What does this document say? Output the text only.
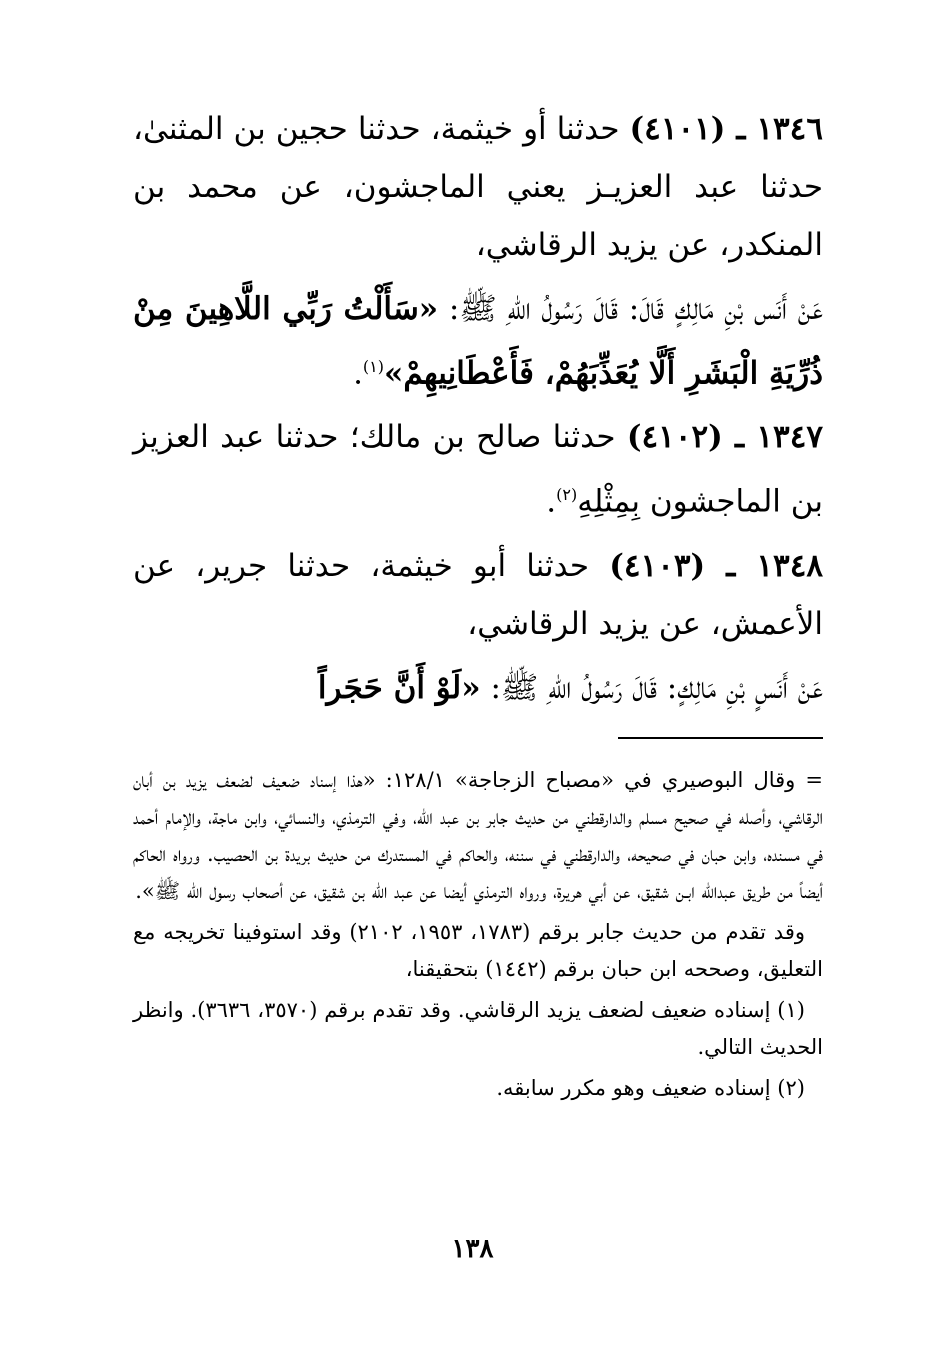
١٣٤٦ ـ (٤١٠١) حدثنا أو خيثمة، حدثنا حجين بن المثنىٰ، حدثنا عبد العزيـز يعني الماجشون، عن محمد بن المنكدر، عن يزيد الرقاشي،

عَنْ أَنَس بْنِ مَالِكٍ قَالَ: قَالَ رَسُولُ اللهِ ﷺ: «سَأَلْتُ رَبِّي اللَّاهِينَ مِنْ ذُرِّيَةِ الْبَشَرِ أَلَّا يُعَذِّبَهُمْ، فَأَعْطَانِيهِمْ»$^{(١)}$.

١٣٤٧ ـ (٤١٠٢) حدثنا صالح بن مالك؛ حدثنا عبد العزيز بن الماجشون بِمِثْلِهِ$^{(٢)}$.

١٣٤٨ ـ (٤١٠٣) حدثنا أبو خيثمة، حدثنا جرير، عن الأعمش، عن يزيد الرقاشي،

عَنْ أَنَسٍ بْنِ مَالِكٍ: قَالَ رَسُولُ اللهِ ﷺ: «لَوْ أَنَّ حَجَراً

= وقال البوصيري في «مصباح الزجاجة» ١٢٨/١: «هذا إسناد ضعيف لضعف يزيد بن أبان الرقاشي، وأصله في صحيح مسلم والدارقطني من حديث جابر بن عبد الله، وفي الترمذي، والنسائي، وابن ماجة، والإمام أحمد في مسنده، وابن حبان في صحيحه، والدارقطني في سننه، والحاكم في المستدرك من حديث بريدة بن الحصيب. ورواه الحاكم أيضاً من طريق عبدالله ابـن شقيق، عن أبي هريرة، ورواه الترمذي أيضا عن عبد الله بن شقيق، عن أصحاب رسول الله ﷺ».

وقد تقدم من حديث جابر برقم (١٧٨٣، ١٩٥٣، ٢١٠٢) وقد استوفينا تخريجه مع التعليق، وصححه ابن حبان برقم (١٤٤٢) بتحقيقنا،

(١) إسناده ضعيف لضعف يزيد الرقاشي. وقد تقدم برقم (٣٥٧٠، ٣٦٣٦). وانظر الحديث التالي.

(٢) إسناده ضعيف وهو مكرر سابقه.

١٣٨
